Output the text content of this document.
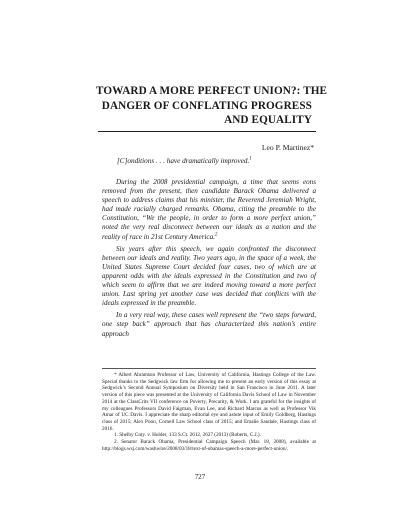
TOWARD A MORE PERFECT UNION?: THE
DANGER OF CONFLATING PROGRESS
AND EQUALITY
Leo P. Martinez*
[C]onditions . . . have dramatically improved.$^1$

During the 2008 presidential campaign, a time that seems eons removed from the present, then candidate Barack Obama delivered a speech to address claims that his minister, the Reverend Jeremiah Wright, had made racially charged remarks. Obama, citing the preamble to the Constitution, “We the people, in order to form a more perfect union,” noted the very real disconnect between our ideals as a nation and the reality of race in 21st Century America.$^2$

Six years after this speech, we again confronted the disconnect between our ideals and reality. Two years ago, in the space of a week, the United States Supreme Court decided four cases, two of which are at apparent odds with the ideals expressed in the Constitution and two of which seem to affirm that we are indeed moving toward a more perfect union. Last spring yet another case was decided that conflicts with the ideals expressed in the preamble.

In a very real way, these cases well represent the “two steps forward, one step back” approach that has characterized this nation’s entire approach

* Albert Abramson Professor of Law, University of California, Hastings College of the Law. Special thanks to the Sedgwick law firm for allowing me to present an early version of this essay at Sedgwick’s Second Annual Symposium on Diversity held in San Francisco in June 2011. A later version of this piece was presented at the University of California Davis School of Law in November 2014 at the ClassCrits VII conference on Poverty, Precarity, & Work. I am grateful for the insights of my colleagues Professors David Faigman, Evan Lee, and Richard Marcus as well as Professor Vik Amar of UC Davis. I appreciate the sharp editorial eye and astute input of Emily Goldberg, Hastings class of 2015; Alex Poon, Cornell Law School class of 2015; and Emalie Sandale, Hastings class of 2016.

1. Shelby Cnty. v. Holder, 133 S.Ct. 2612, 2627 (2013) (Roberts, C.J.).

2. Senator Barack Obama, Presidential Campaign Speech (Mar. 18, 2008), available at http://blogs.wsj.com/washwire/2008/03/18/text-of-obamas-speech-a-more-perfect-union/.

727
